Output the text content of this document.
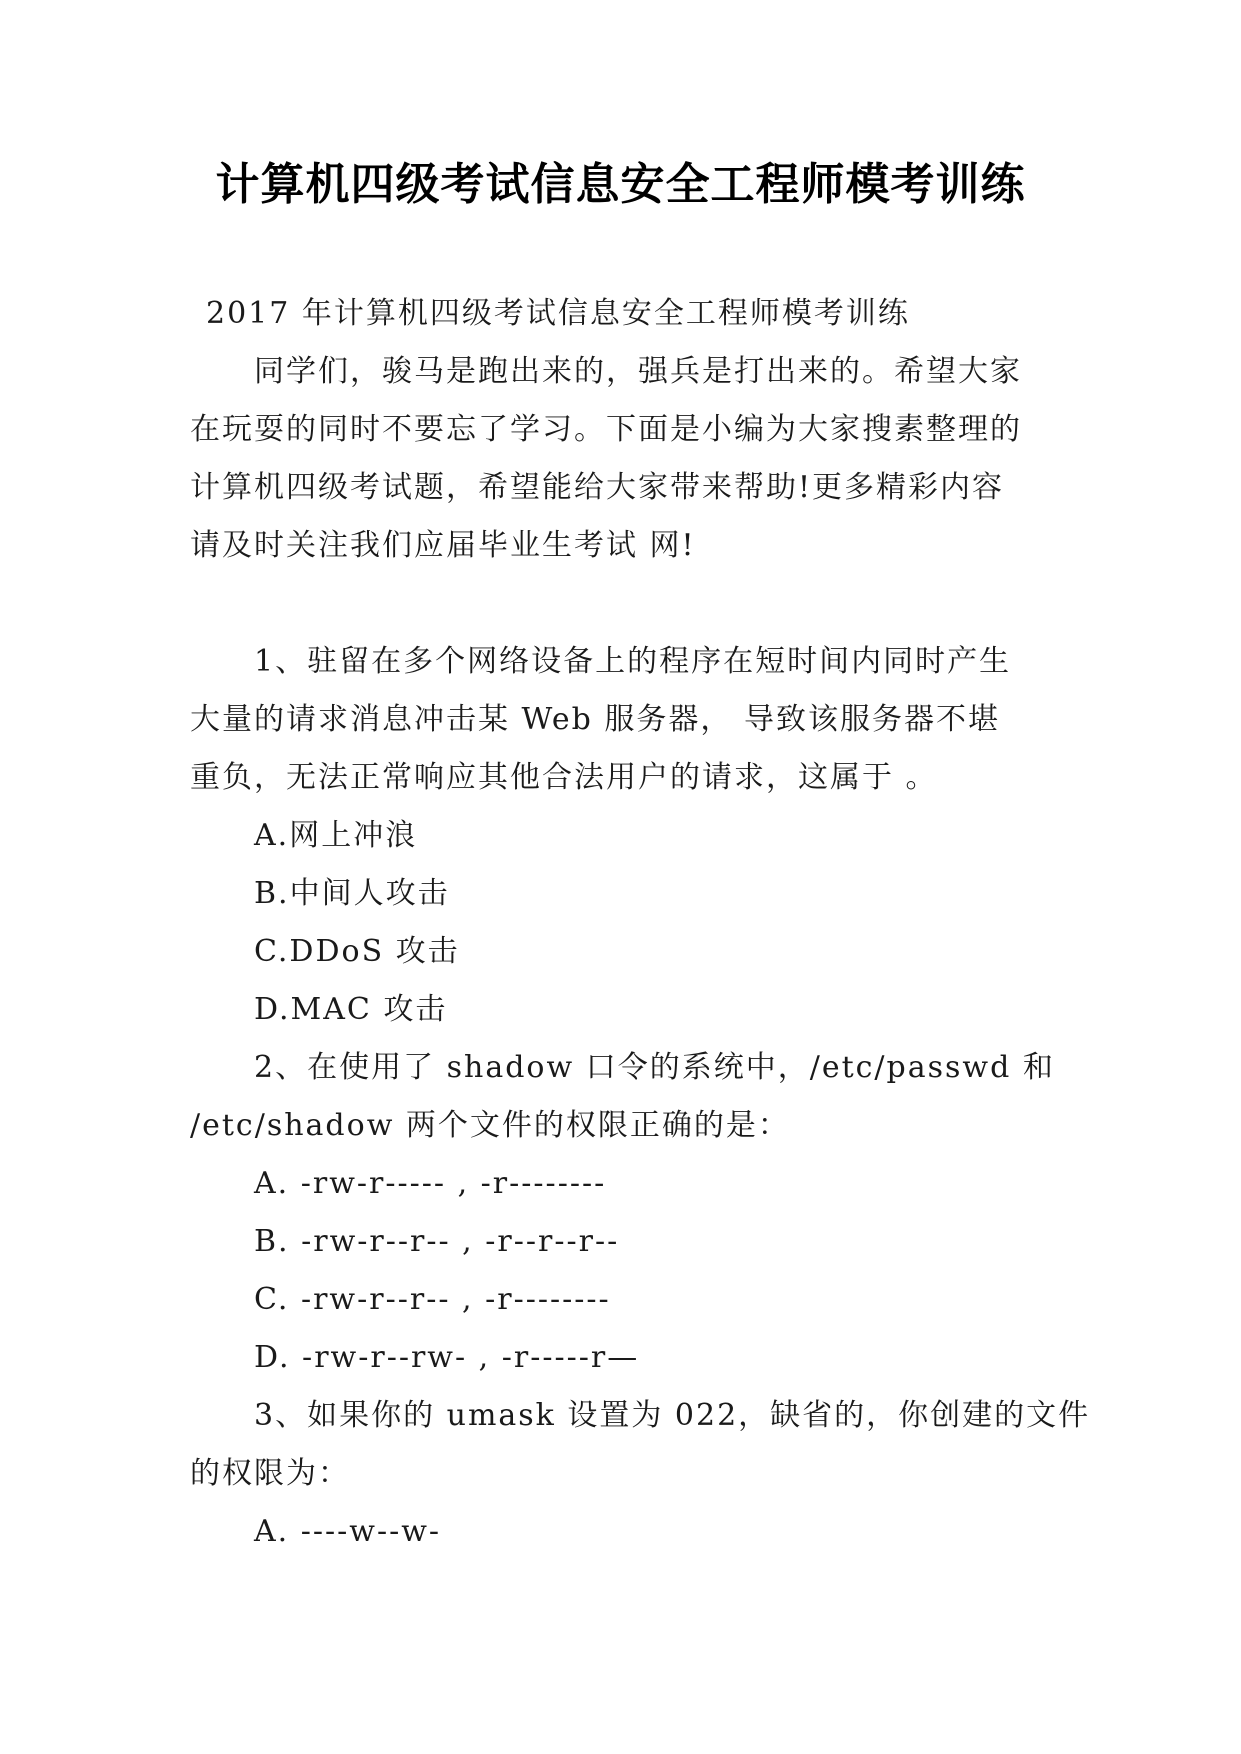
计算机四级考试信息安全工程师模考训练
2017 年计算机四级考试信息安全工程师模考训练
同学们，骏马是跑出来的，强兵是打出来的。希望大家
在玩耍的同时不要忘了学习。下面是小编为大家搜素整理的
计算机四级考试题，希望能给大家带来帮助!更多精彩内容
请及时关注我们应届毕业生考试 网!
1、驻留在多个网络设备上的程序在短时间内同时产生
大量的请求消息冲击某 Web 服务器， 导致该服务器不堪
重负，无法正常响应其他合法用户的请求，这属于 。
A.网上冲浪
B.中间人攻击
C.DDoS 攻击
D.MAC 攻击
2、在使用了 shadow 口令的系统中，/etc/passwd 和
/etc/shadow 两个文件的权限正确的是：
A. -rw-r----- , -r--------
B. -rw-r--r-- , -r--r--r--
C. -rw-r--r-- , -r--------
D. -rw-r--rw- , -r-----r—
3、如果你的 umask 设置为 022，缺省的，你创建的文件
的权限为：
A. ----w--w-
